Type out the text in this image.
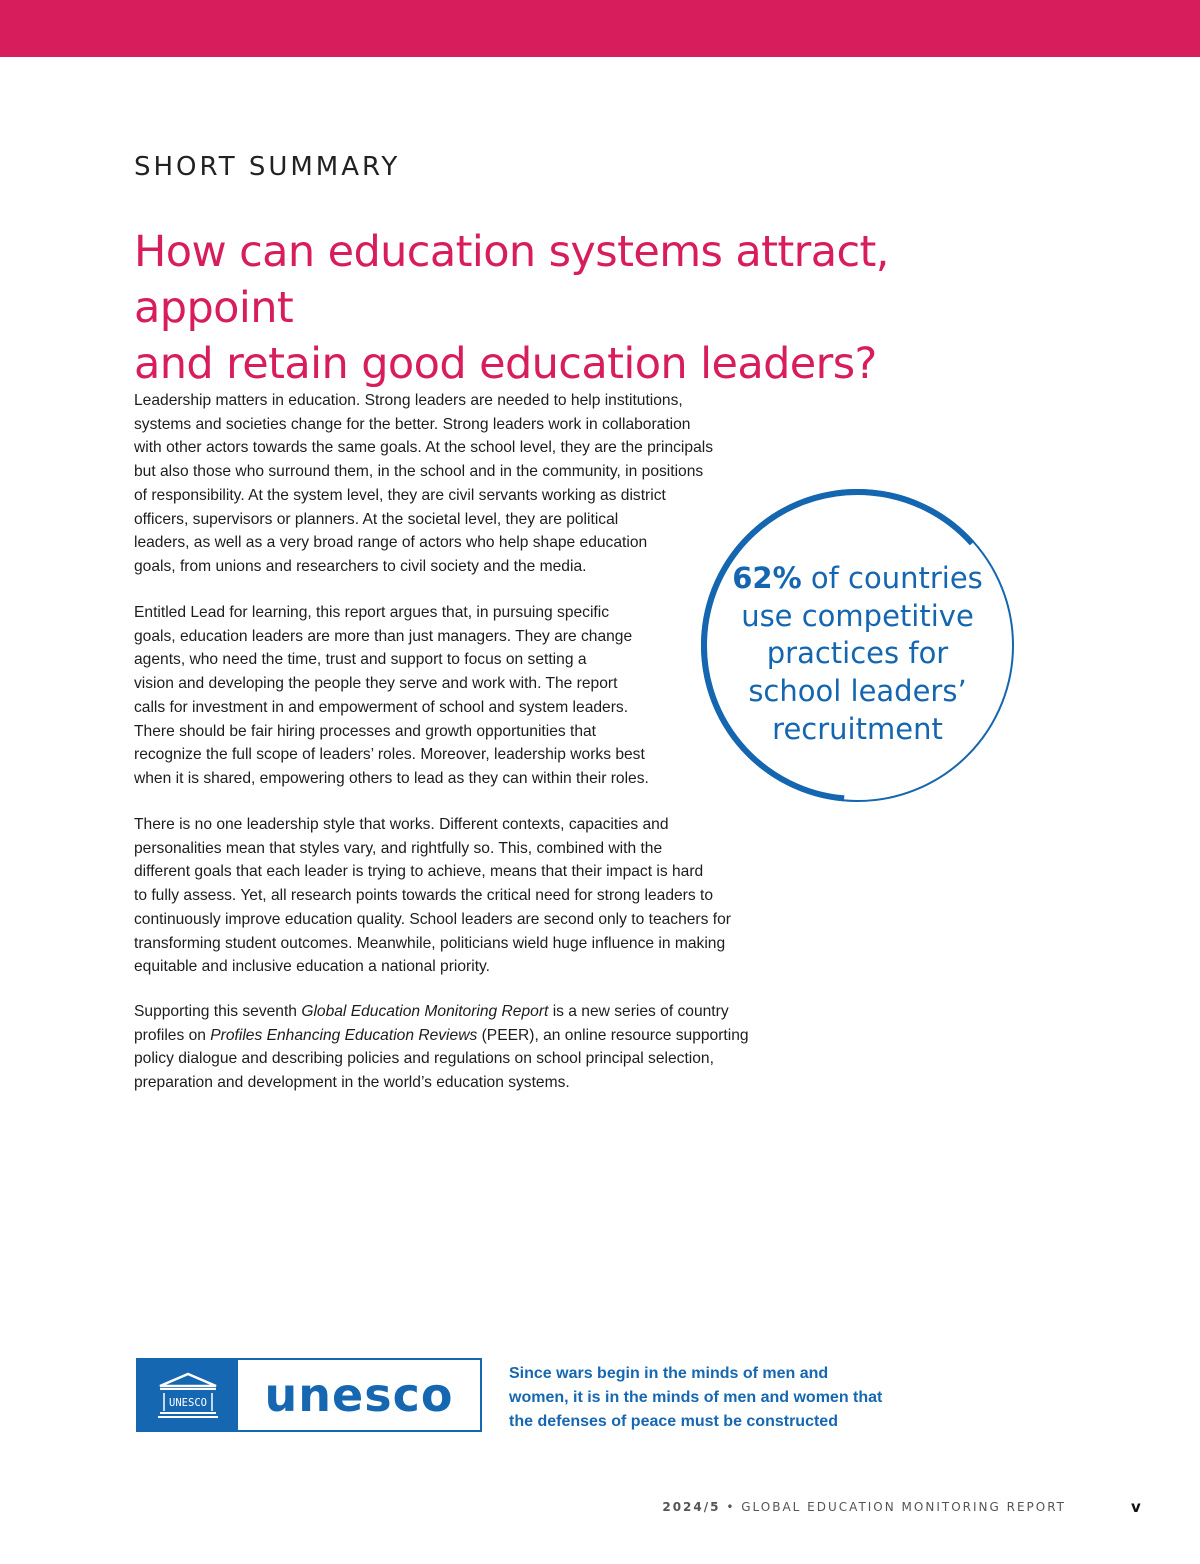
SHORT SUMMARY
How can education systems attract, appoint
and retain good education leaders?

Leadership matters in education. Strong leaders are needed to help institutions,
systems and societies change for the better. Strong leaders work in collaboration
with other actors towards the same goals. At the school level, they are the principals
but also those who surround them, in the school and in the community, in positions
of responsibility. At the system level, they are civil servants working as district
officers, supervisors or planners. At the societal level, they are political
leaders, as well as a very broad range of actors who help shape education
goals, from unions and researchers to civil society and the media.

Entitled Lead for learning, this report argues that, in pursuing specific
goals, education leaders are more than just managers. They are change
agents, who need the time, trust and support to focus on setting a
vision and developing the people they serve and work with. The report
calls for investment in and empowerment of school and system leaders.
There should be fair hiring processes and growth opportunities that
recognize the full scope of leaders’ roles. Moreover, leadership works best
when it is shared, empowering others to lead as they can within their roles.

There is no one leadership style that works. Different contexts, capacities and
personalities mean that styles vary, and rightfully so. This, combined with the
different goals that each leader is trying to achieve, means that their impact is hard
to fully assess. Yet, all research points towards the critical need for strong leaders to
continuously improve education quality. School leaders are second only to teachers for
transforming student outcomes. Meanwhile, politicians wield huge influence in making
equitable and inclusive education a national priority.

Supporting this seventh Global Education Monitoring Report is a new series of country
profiles on Profiles Enhancing Education Reviews (PEER), an online resource supporting
policy dialogue and describing policies and regulations on school principal selection,
preparation and development in the world’s education systems.

62% of countries
use competitive
practices for
school leaders’
recruitment
UNESCO	unesco	Since wars begin in the minds of men and
women, it is in the minds of men and women that
the defenses of peace must be constructed

2024/5 • GLOBAL EDUCATION MONITORING REPORT	v
